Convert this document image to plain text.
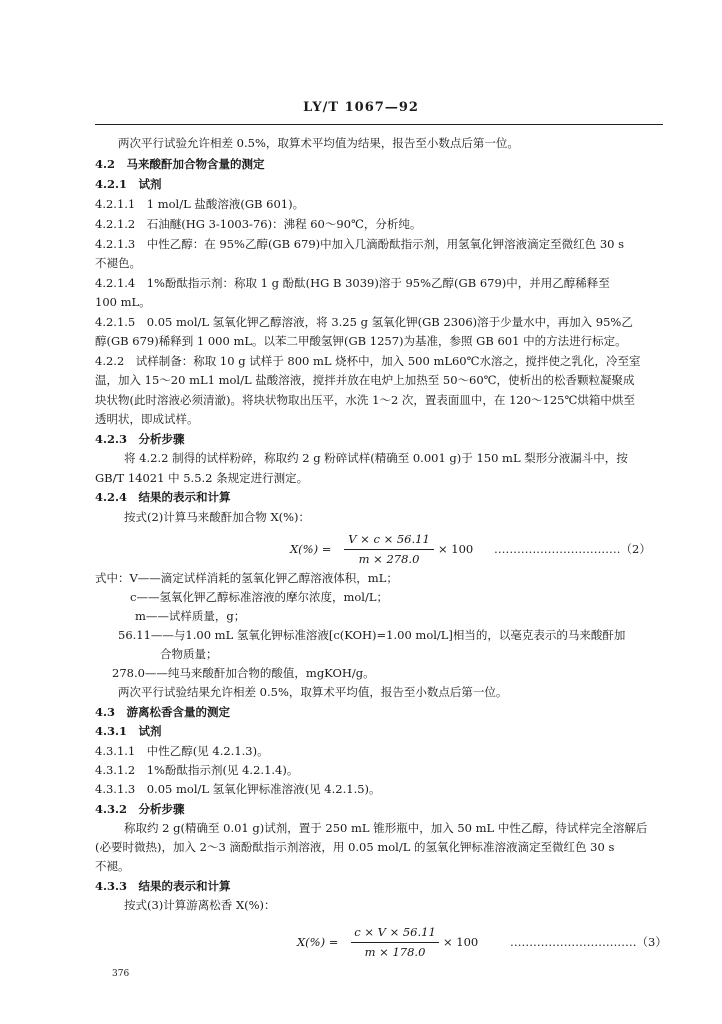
LY/T 1067—92
两次平行试验允许相差 0.5%，取算术平均值为结果，报告至小数点后第一位。
4.2　马来酸酐加合物含量的测定
4.2.1　试剂
4.2.1.1　1 mol/L 盐酸溶液(GB 601)。
4.2.1.2　石油醚(HG 3-1003-76)：沸程 60～90℃，分析纯。
4.2.1.3　中性乙醇：在 95%乙醇(GB 679)中加入几滴酚酞指示剂，用氢氧化钾溶液滴定至微红色 30 s
不褪色。
4.2.1.4　1%酚酞指示剂：称取 1 g 酚酞(HG B 3039)溶于 95%乙醇(GB 679)中，并用乙醇稀释至
100 mL。
4.2.1.5　0.05 mol/L 氢氧化钾乙醇溶液，将 3.25 g 氢氧化钾(GB 2306)溶于少量水中，再加入 95%乙
醇(GB 679)稀释到 1 000 mL。以苯二甲酸氢钾(GB 1257)为基准，参照 GB 601 中的方法进行标定。
4.2.2　试样制备：称取 10 g 试样于 800 mL 烧杯中，加入 500 mL60℃水溶之，搅拌使之乳化，冷至室
温，加入 15～20 mL1 mol/L 盐酸溶液，搅拌并放在电炉上加热至 50～60℃，使析出的松香颗粒凝聚成
块状物(此时溶液必须清澈)。将块状物取出压平，水洗 1～2 次，置表面皿中，在 120～125℃烘箱中烘至
透明状，即成试样。
4.2.3　分析步骤
将 4.2.2 制得的试样粉碎，称取约 2 g 粉碎试样(精确至 0.001 g)于 150 mL 梨形分液漏斗中，按
GB/T 14021 中 5.5.2 条规定进行测定。
4.2.4　结果的表示和计算
按式(2)计算马来酸酐加合物 X(%)：
X(%) =
V × c × 56.11
m × 278.0
× 100 ……………………………（2）
式中：V——滴定试样消耗的氢氧化钾乙醇溶液体积，mL；
c——氢氧化钾乙醇标准溶液的摩尔浓度，mol/L；
m——试样质量，g；
56.11——与1.00 mL 氢氧化钾标准溶液[c(KOH)=1.00 mol/L]相当的，以毫克表示的马来酸酐加
合物质量；
278.0——纯马来酸酐加合物的酸值，mgKOH/g。
两次平行试验结果允许相差 0.5%，取算术平均值，报告至小数点后第一位。
4.3　游离松香含量的测定
4.3.1　试剂
4.3.1.1　中性乙醇(见 4.2.1.3)。
4.3.1.2　1%酚酞指示剂(见 4.2.1.4)。
4.3.1.3　0.05 mol/L 氢氧化钾标准溶液(见 4.2.1.5)。
4.3.2　分析步骤
称取约 2 g(精确至 0.01 g)试剂，置于 250 mL 锥形瓶中，加入 50 mL 中性乙醇，待试样完全溶解后
(必要时微热)，加入 2～3 滴酚酞指示剂溶液，用 0.05 mol/L 的氢氧化钾标准溶液滴定至微红色 30 s
不褪。
4.3.3　结果的表示和计算
按式(3)计算游离松香 X(%)：
X(%) =
c × V × 56.11
m × 178.0
× 100	……………………………（3）
376
